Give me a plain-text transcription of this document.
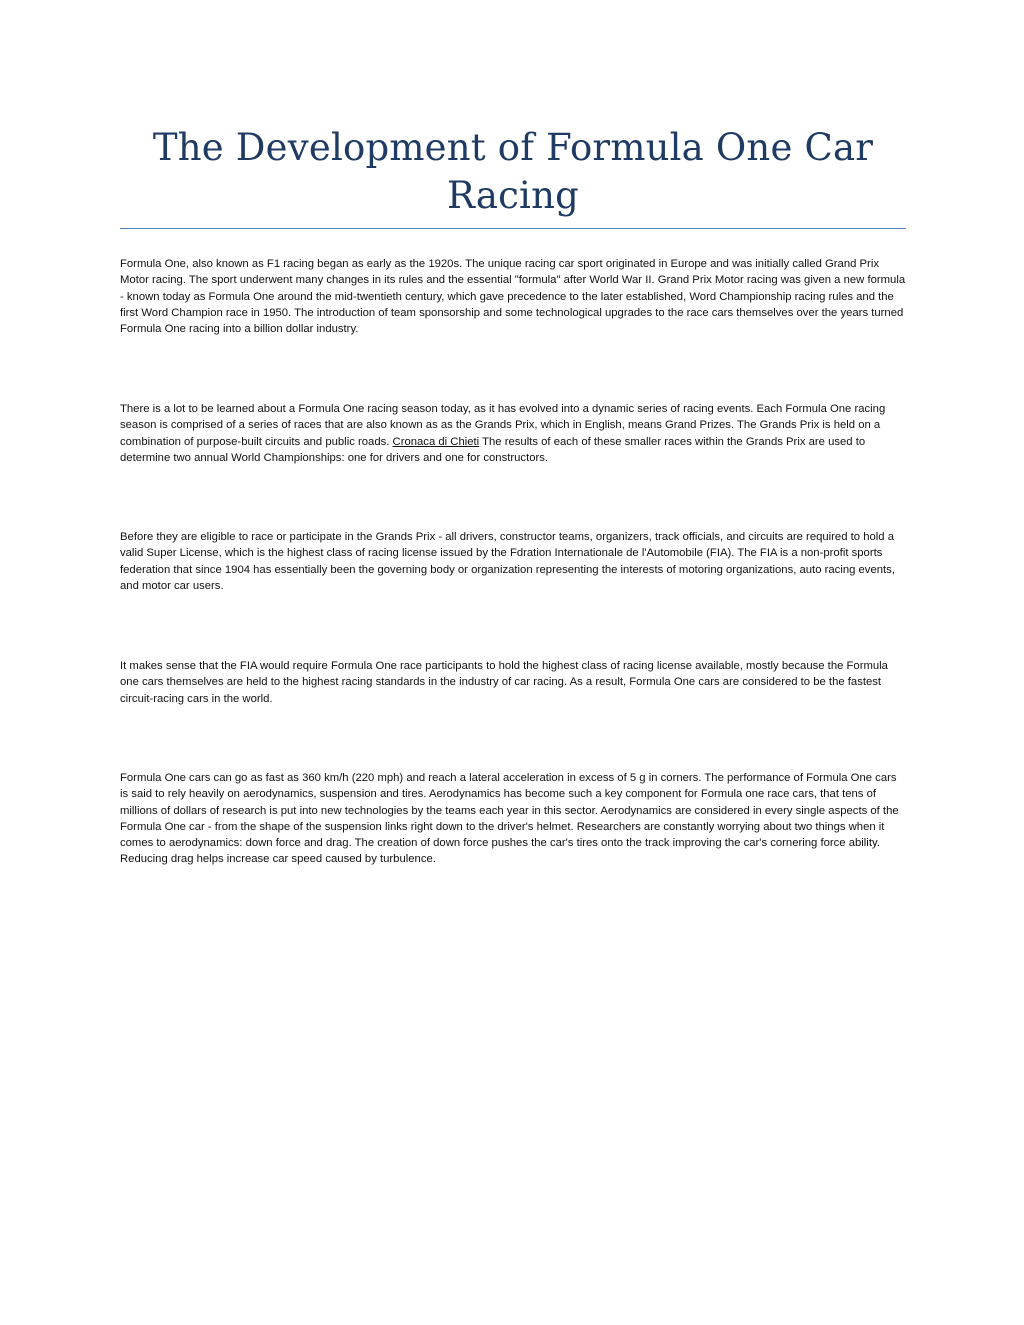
The Development of Formula One Car Racing

Formula One, also known as F1 racing began as early as the 1920s. The unique racing car sport originated in Europe and was initially called Grand Prix Motor racing. The sport underwent many changes in its rules and the essential "formula" after World War II. Grand Prix Motor racing was given a new formula - known today as Formula One around the mid-twentieth century, which gave precedence to the later established, Word Championship racing rules and the first Word Champion race in 1950. The introduction of team sponsorship and some technological upgrades to the race cars themselves over the years turned Formula One racing into a billion dollar industry.

There is a lot to be learned about a Formula One racing season today, as it has evolved into a dynamic series of racing events. Each Formula One racing season is comprised of a series of races that are also known as as the Grands Prix, which in English, means Grand Prizes. The Grands Prix is held on a combination of purpose-built circuits and public roads. Cronaca di Chieti The results of each of these smaller races within the Grands Prix are used to determine two annual World Championships: one for drivers and one for constructors.

Before they are eligible to race or participate in the Grands Prix - all drivers, constructor teams, organizers, track officials, and circuits are required to hold a valid Super License, which is the highest class of racing license issued by the Fdration Internationale de l'Automobile (FIA). The FIA is a non-profit sports federation that since 1904 has essentially been the governing body or organization representing the interests of motoring organizations, auto racing events, and motor car users.

It makes sense that the FIA would require Formula One race participants to hold the highest class of racing license available, mostly because the Formula one cars themselves are held to the highest racing standards in the industry of car racing. As a result, Formula One cars are considered to be the fastest circuit-racing cars in the world.

Formula One cars can go as fast as 360 km/h (220 mph) and reach a lateral acceleration in excess of 5 g in corners. The performance of Formula One cars is said to rely heavily on aerodynamics, suspension and tires. Aerodynamics has become such a key component for Formula one race cars, that tens of millions of dollars of research is put into new technologies by the teams each year in this sector. Aerodynamics are considered in every single aspects of the Formula One car - from the shape of the suspension links right down to the driver's helmet. Researchers are constantly worrying about two things when it comes to aerodynamics: down force and drag. The creation of down force pushes the car's tires onto the track improving the car's cornering force ability. Reducing drag helps increase car speed caused by turbulence.
